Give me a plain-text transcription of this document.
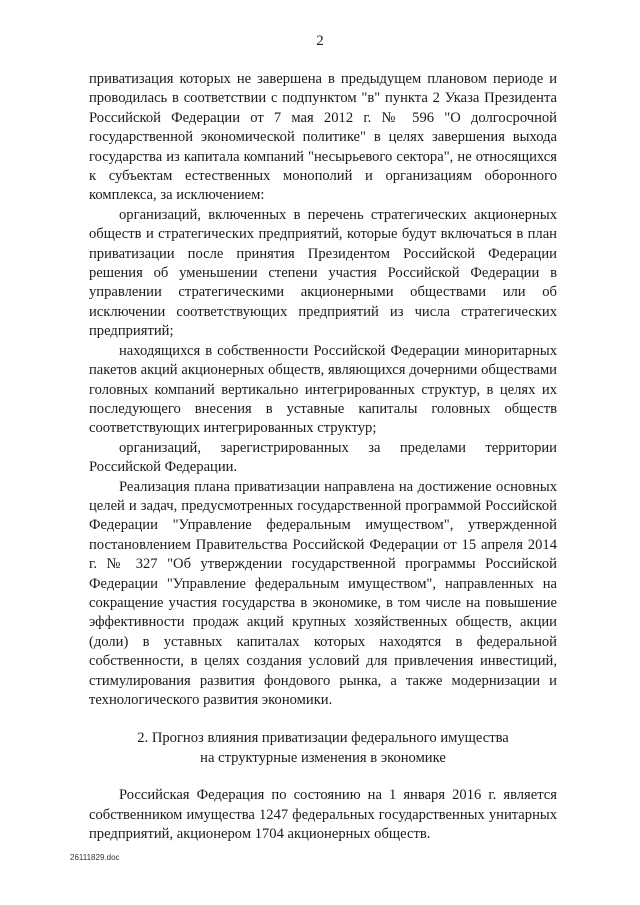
2

приватизация которых не завершена в предыдущем плановом периоде и проводилась в соответствии с подпунктом "в" пункта 2 Указа Президента Российской Федерации от 7 мая 2012 г. № 596 "О долгосрочной государственной экономической политике" в целях завершения выхода государства из капитала компаний "несырьевого сектора", не относящихся к субъектам естественных монополий и организациям оборонного комплекса, за исключением:

организаций, включенных в перечень стратегических акционерных обществ и стратегических предприятий, которые будут включаться в план приватизации после принятия Президентом Российской Федерации решения об уменьшении степени участия Российской Федерации в управлении стратегическими акционерными обществами или об исключении соответствующих предприятий из числа стратегических предприятий;

находящихся в собственности Российской Федерации миноритарных пакетов акций акционерных обществ, являющихся дочерними обществами головных компаний вертикально интегрированных структур, в целях их последующего внесения в уставные капиталы головных обществ соответствующих интегрированных структур;

организаций, зарегистрированных за пределами территории Российской Федерации.

Реализация плана приватизации направлена на достижение основных целей и задач, предусмотренных государственной программой Российской Федерации "Управление федеральным имуществом", утвержденной постановлением Правительства Российской Федерации от 15 апреля 2014 г. № 327 "Об утверждении государственной программы Российской Федерации "Управление федеральным имуществом", направленных на сокращение участия государства в экономике, в том числе на повышение эффективности продаж акций крупных хозяйственных обществ, акции (доли) в уставных капиталах которых находятся в федеральной собственности, в целях создания условий для привлечения инвестиций, стимулирования развития фондового рынка, а также модернизации и технологического развития экономики.

2. Прогноз влияния приватизации федерального имущества
на структурные изменения в экономике

Российская Федерация по состоянию на 1 января 2016 г. является собственником имущества 1247 федеральных государственных унитарных предприятий, акционером 1704 акционерных обществ.

26111829.doc
